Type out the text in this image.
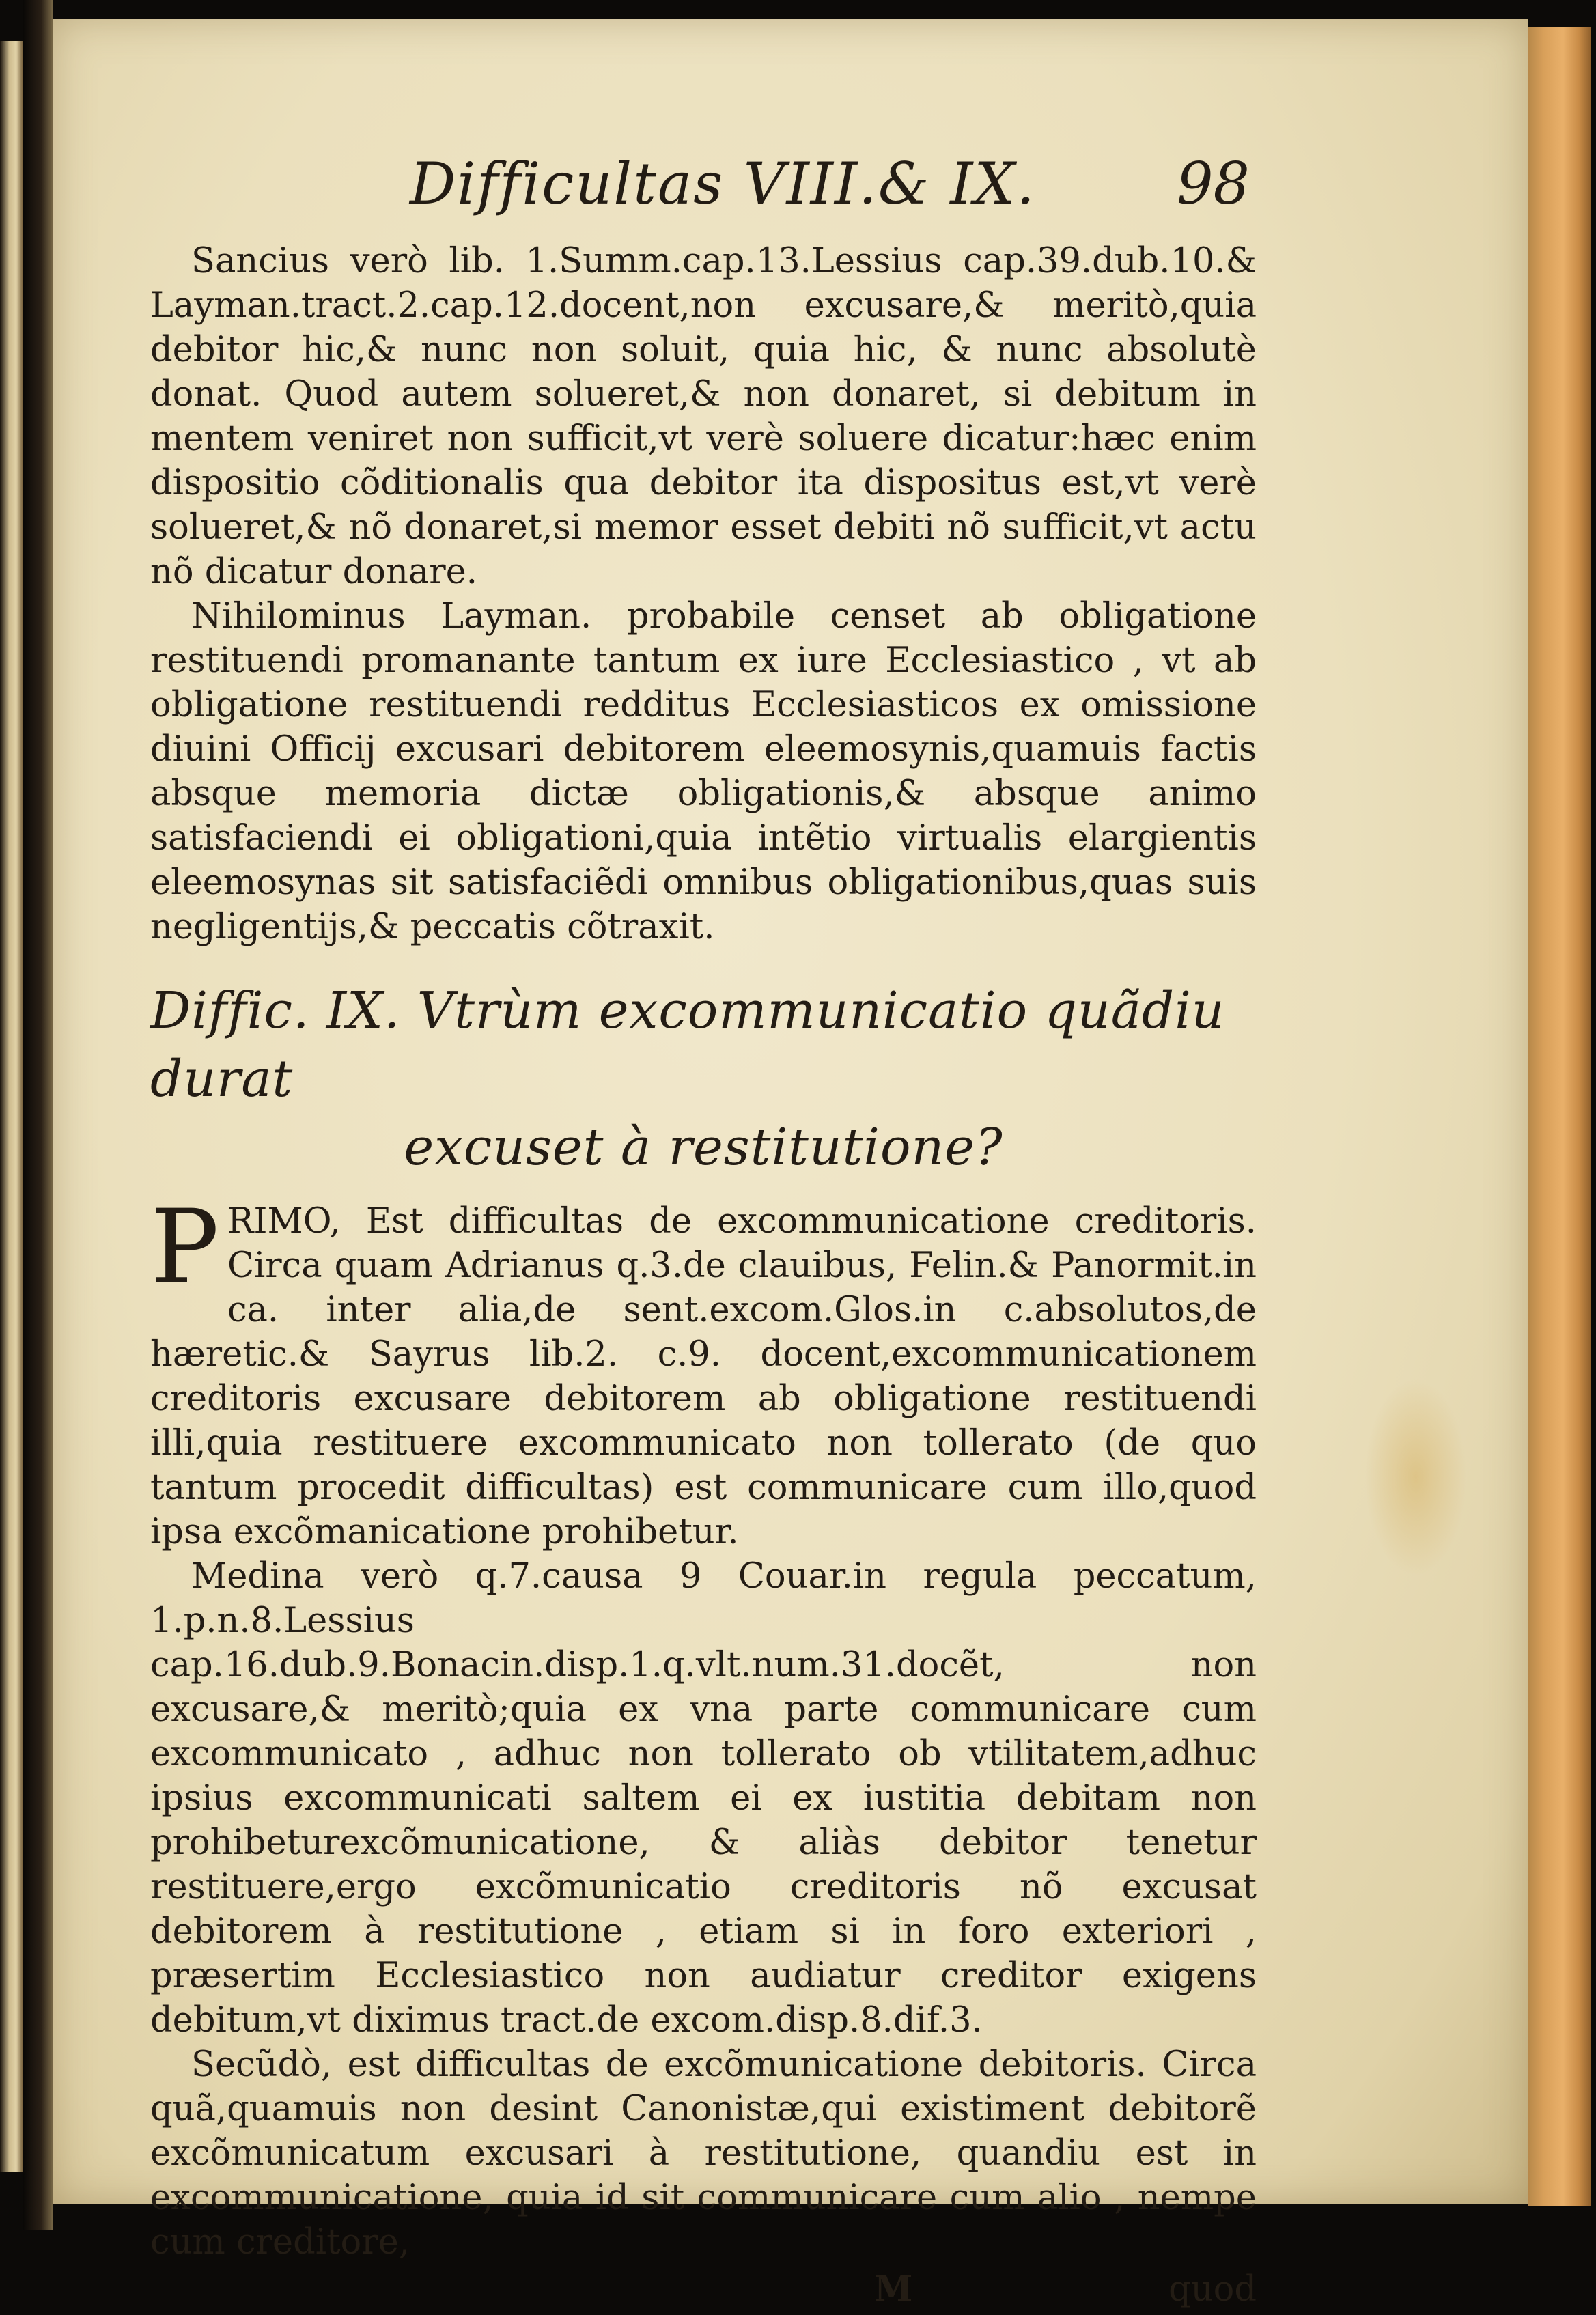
Difficultas VIII.& IX. 98

Sancius verò lib. 1.Summ.cap.13.Lessius cap.39.dub.10.& Layman.tract.2.cap.12.docent,non excusare,& meritò,quia debitor hic,& nunc non soluit, quia hic, & nunc absolutè donat. Quod autem solueret,& non donaret, si debitum in mentem veniret non sufficit,vt verè soluere dicatur:hæc enim dispositio cõditionalis qua debitor ita dispositus est,vt verè solueret,& nõ donaret,si memor esset debiti nõ sufficit,vt actu nõ dicatur donare.

Nihilominus Layman. probabile censet ab obligatione restituendi promanante tantum ex iure Ecclesiastico , vt ab obligatione restituendi redditus Ecclesiasticos ex omissione diuini Officij excusari debitorem eleemosynis,quamuis factis absque memoria dictæ obligationis,& absque animo satisfaciendi ei obligationi,quia intẽtio virtualis elargientis eleemosynas sit satisfaciẽdi omnibus obligationibus,quas suis negligentijs,& peccatis cõtraxit.

Diffic. IX. Vtrùm excommunicatio quãdiu durat
excuset à restitutione?

PRIMO, Est difficultas de excommunicatione creditoris. Circa quam Adrianus q.3.de clauibus, Felin.& Panormit.in ca. inter alia,de sent.excom.Glos.in c.absolutos,de hæretic.& Sayrus lib.2. c.9. docent,excommunicationem creditoris excusare debitorem ab obligatione restituendi illi,quia restituere excommunicato non tollerato (de quo tantum procedit difficultas) est communicare cum illo,quod ipsa excõmanicatione prohibetur.

Medina verò q.7.causa 9 Couar.in regula peccatum, 1.p.n.8.Lessius cap.16.dub.9.Bonacin.disp.1.q.vlt.num.31.docẽt, non excusare,& meritò;quia ex vna parte communicare cum excommunicato , adhuc non tollerato ob vtilitatem,adhuc ipsius excommunicati saltem ei ex iustitia debitam non prohibeturexcõmunicatione, & aliàs debitor tenetur restituere,ergo excõmunicatio creditoris nõ excusat debitorem à restitutione , etiam si in foro exteriori , præsertim Ecclesiastico non audiatur creditor exigens debitum,vt diximus tract.de excom.disp.8.dif.3.

Secũdò, est difficultas de excõmunicatione debitoris. Circa quã,quamuis non desint Canonistæ,qui existiment debitorẽ excõmunicatum excusari à restitutione, quandiu est in excommunicatione, quia id sit communicare cum alio , nempe cum creditore,

M	quod
